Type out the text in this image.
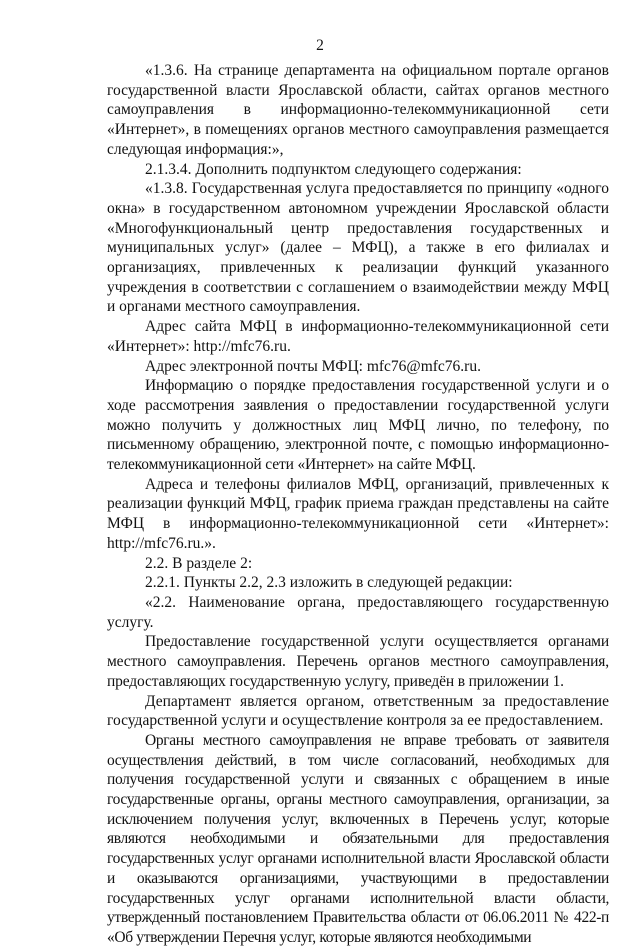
2

«1.3.6. На странице департамента на официальном портале органов государственной власти Ярославской области, сайтах органов местного самоуправления в информационно-телекоммуникационной сети «Интернет», в помещениях органов местного самоуправления размещается следующая информация:»,

2.1.3.4. Дополнить подпунктом следующего содержания:

«1.3.8. Государственная услуга предоставляется по принципу «одного окна» в государственном автономном учреждении Ярославской области «Многофункциональный центр предоставления государственных и муниципальных услуг» (далее – МФЦ), а также в его филиалах и организациях, привлеченных к реализации функций указанного учреждения в соответствии с соглашением о взаимодействии между МФЦ и органами местного самоуправления.

Адрес сайта МФЦ в информационно-телекоммуникационной сети «Интернет»: http://mfc76.ru.

Адрес электронной почты МФЦ: mfc76@mfc76.ru.

Информацию о порядке предоставления государственной услуги и о ходе рассмотрения заявления о предоставлении государственной услуги можно получить у должностных лиц МФЦ лично, по телефону, по письменному обращению, электронной почте, с помощью информационно-телекоммуникационной сети «Интернет» на сайте МФЦ.

Адреса и телефоны филиалов МФЦ, организаций, привлеченных к реализации функций МФЦ, график приема граждан представлены на сайте МФЦ в информационно-телекоммуникационной сети «Интернет»: http://mfc76.ru.».

2.2. В разделе 2:

2.2.1. Пункты 2.2, 2.3 изложить в следующей редакции:

«2.2. Наименование органа, предоставляющего государственную услугу.

Предоставление государственной услуги осуществляется органами местного самоуправления. Перечень органов местного самоуправления, предоставляющих государственную услугу, приведён в приложении 1.

Департамент является органом, ответственным за предоставление государственной услуги и осуществление контроля за ее предоставлением.

Органы местного самоуправления не вправе требовать от заявителя осуществления действий, в том числе согласований, необходимых для получения государственной услуги и связанных с обращением в иные государственные органы, органы местного самоуправления, организации, за исключением получения услуг, включенных в Перечень услуг, которые являются необходимыми и обязательными для предоставления государственных услуг органами исполнительной власти Ярославской области и оказываются организациями, участвующими в предоставлении государственных услуг органами исполнительной власти области, утвержденный постановлением Правительства области от 06.06.2011 № 422-п «Об утверждении Перечня услуг, которые являются необходимыми
